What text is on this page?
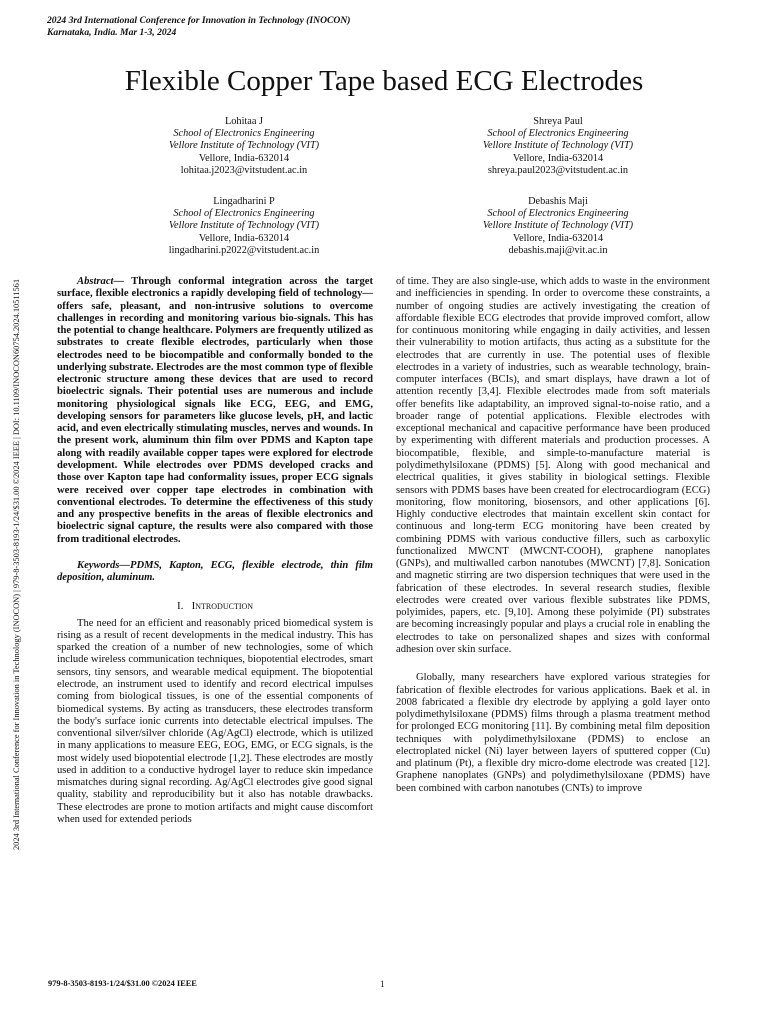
2024 3rd International Conference for Innovation in Technology (INOCON)
Karnataka, India. Mar 1-3, 2024
Flexible Copper Tape based ECG Electrodes
Lohitaa J
School of Electronics Engineering
Vellore Institute of Technology (VIT)
Vellore, India-632014
lohitaa.j2023@vitstudent.ac.in
Shreya Paul
School of Electronics Engineering
Vellore Institute of Technology (VIT)
Vellore, India-632014
shreya.paul2023@vitstudent.ac.in
Lingadharini P
School of Electronics Engineering
Vellore Institute of Technology (VIT)
Vellore, India-632014
lingadharini.p2022@vitstudent.ac.in
Debashis Maji
School of Electronics Engineering
Vellore Institute of Technology (VIT)
Vellore, India-632014
debashis.maji@vit.ac.in

Abstract— Through conformal integration across the target surface, flexible electronics a rapidly developing field of technology—offers safe, pleasant, and non-intrusive solutions to overcome challenges in recording and monitoring various bio-signals. This has the potential to change healthcare. Polymers are frequently utilized as substrates to create flexible electrodes, particularly when those electrodes need to be biocompatible and conformally bonded to the underlying substrate. Electrodes are the most common type of flexible electronic structure among these devices that are used to record bioelectric signals. Their potential uses are numerous and include monitoring physiological signals like ECG, EEG, and EMG, developing sensors for parameters like glucose levels, pH, and lactic acid, and even electrically stimulating muscles, nerves and wounds. In the present work, aluminum thin film over PDMS and Kapton tape along with readily available copper tapes were explored for electrode development. While electrodes over PDMS developed cracks and those over Kapton tape had conformality issues, proper ECG signals were received over copper tape electrodes in combination with conventional electrodes. To determine the effectiveness of this study and any prospective benefits in the areas of flexible electronics and bioelectric signal capture, the results were also compared with those from traditional electrodes.

Keywords—PDMS, Kapton, ECG, flexible electrode, thin film deposition, aluminum.

I. Introduction

The need for an efficient and reasonably priced biomedical system is rising as a result of recent developments in the medical industry. This has sparked the creation of a number of new technologies, some of which include wireless communication techniques, biopotential electrodes, smart sensors, tiny sensors, and wearable medical equipment. The biopotential electrode, an instrument used to identify and record electrical impulses coming from biological tissues, is one of the essential components of biomedical systems. By acting as transducers, these electrodes transform the body's surface ionic currents into detectable electrical impulses. The conventional silver/silver chloride (Ag/AgCl) electrode, which is utilized in many applications to measure EEG, EOG, EMG, or ECG signals, is the most widely used biopotential electrode [1,2]. These electrodes are mostly used in addition to a conductive hydrogel layer to reduce skin impedance mismatches during signal recording. Ag/AgCl electrodes give good signal quality, stability and reproducibility but it also has notable drawbacks. These electrodes are prone to motion artifacts and might cause discomfort when used for extended periods

of time. They are also single-use, which adds to waste in the environment and inefficiencies in spending. In order to overcome these constraints, a number of ongoing studies are actively investigating the creation of affordable flexible ECG electrodes that provide improved comfort, allow for continuous monitoring while engaging in daily activities, and lessen their vulnerability to motion artifacts, thus acting as a substitute for the electrodes that are currently in use. The potential uses of flexible electrodes in a variety of industries, such as wearable technology, brain-computer interfaces (BCIs), and smart displays, have drawn a lot of attention recently [3,4]. Flexible electrodes made from soft materials offer benefits like adaptability, an improved signal-to-noise ratio, and a broader range of potential applications. Flexible electrodes with exceptional mechanical and capacitive performance have been produced by experimenting with different materials and production processes. A biocompatible, flexible, and simple-to-manufacture material is polydimethylsiloxane (PDMS) [5]. Along with good mechanical and electrical qualities, it gives stability in biological settings. Flexible sensors with PDMS bases have been created for electrocardiogram (ECG) monitoring, flow monitoring, biosensors, and other applications [6]. Highly conductive electrodes that maintain excellent skin contact for continuous and long-term ECG monitoring have been created by combining PDMS with various conductive fillers, such as carboxylic functionalized MWCNT (MWCNT-COOH), graphene nanoplates (GNPs), and multiwalled carbon nanotubes (MWCNT) [7,8]. Sonication and magnetic stirring are two dispersion techniques that were used in the fabrication of these electrodes. In several research studies, flexible electrodes were created over various flexible substrates like PDMS, polyimides, papers, etc. [9,10]. Among these polyimide (PI) substrates are becoming increasingly popular and plays a crucial role in enabling the electrodes to take on personalized shapes and sizes with conformal adhesion over skin surface.

Globally, many researchers have explored various strategies for fabrication of flexible electrodes for various applications. Baek et al. in 2008 fabricated a flexible dry electrode by applying a gold layer onto polydimethylsiloxane (PDMS) films through a plasma treatment method for prolonged ECG monitoring [11]. By combining metal film deposition techniques with polydimethylsiloxane (PDMS) to enclose an electroplated nickel (Ni) layer between layers of sputtered copper (Cu) and platinum (Pt), a flexible dry micro-dome electrode was created [12]. Graphene nanoplates (GNPs) and polydimethylsiloxane (PDMS) have been combined with carbon nanotubes (CNTs) to improve

2024 3rd International Conference for Innovation in Technology (INOCON) | 979-8-3503-8193-1/24/$31.00 ©2024 IEEE | DOI: 10.1109/INOCON60754.2024.10511561
979-8-3503-8193-1/24/$31.00 ©2024 IEEE	1
